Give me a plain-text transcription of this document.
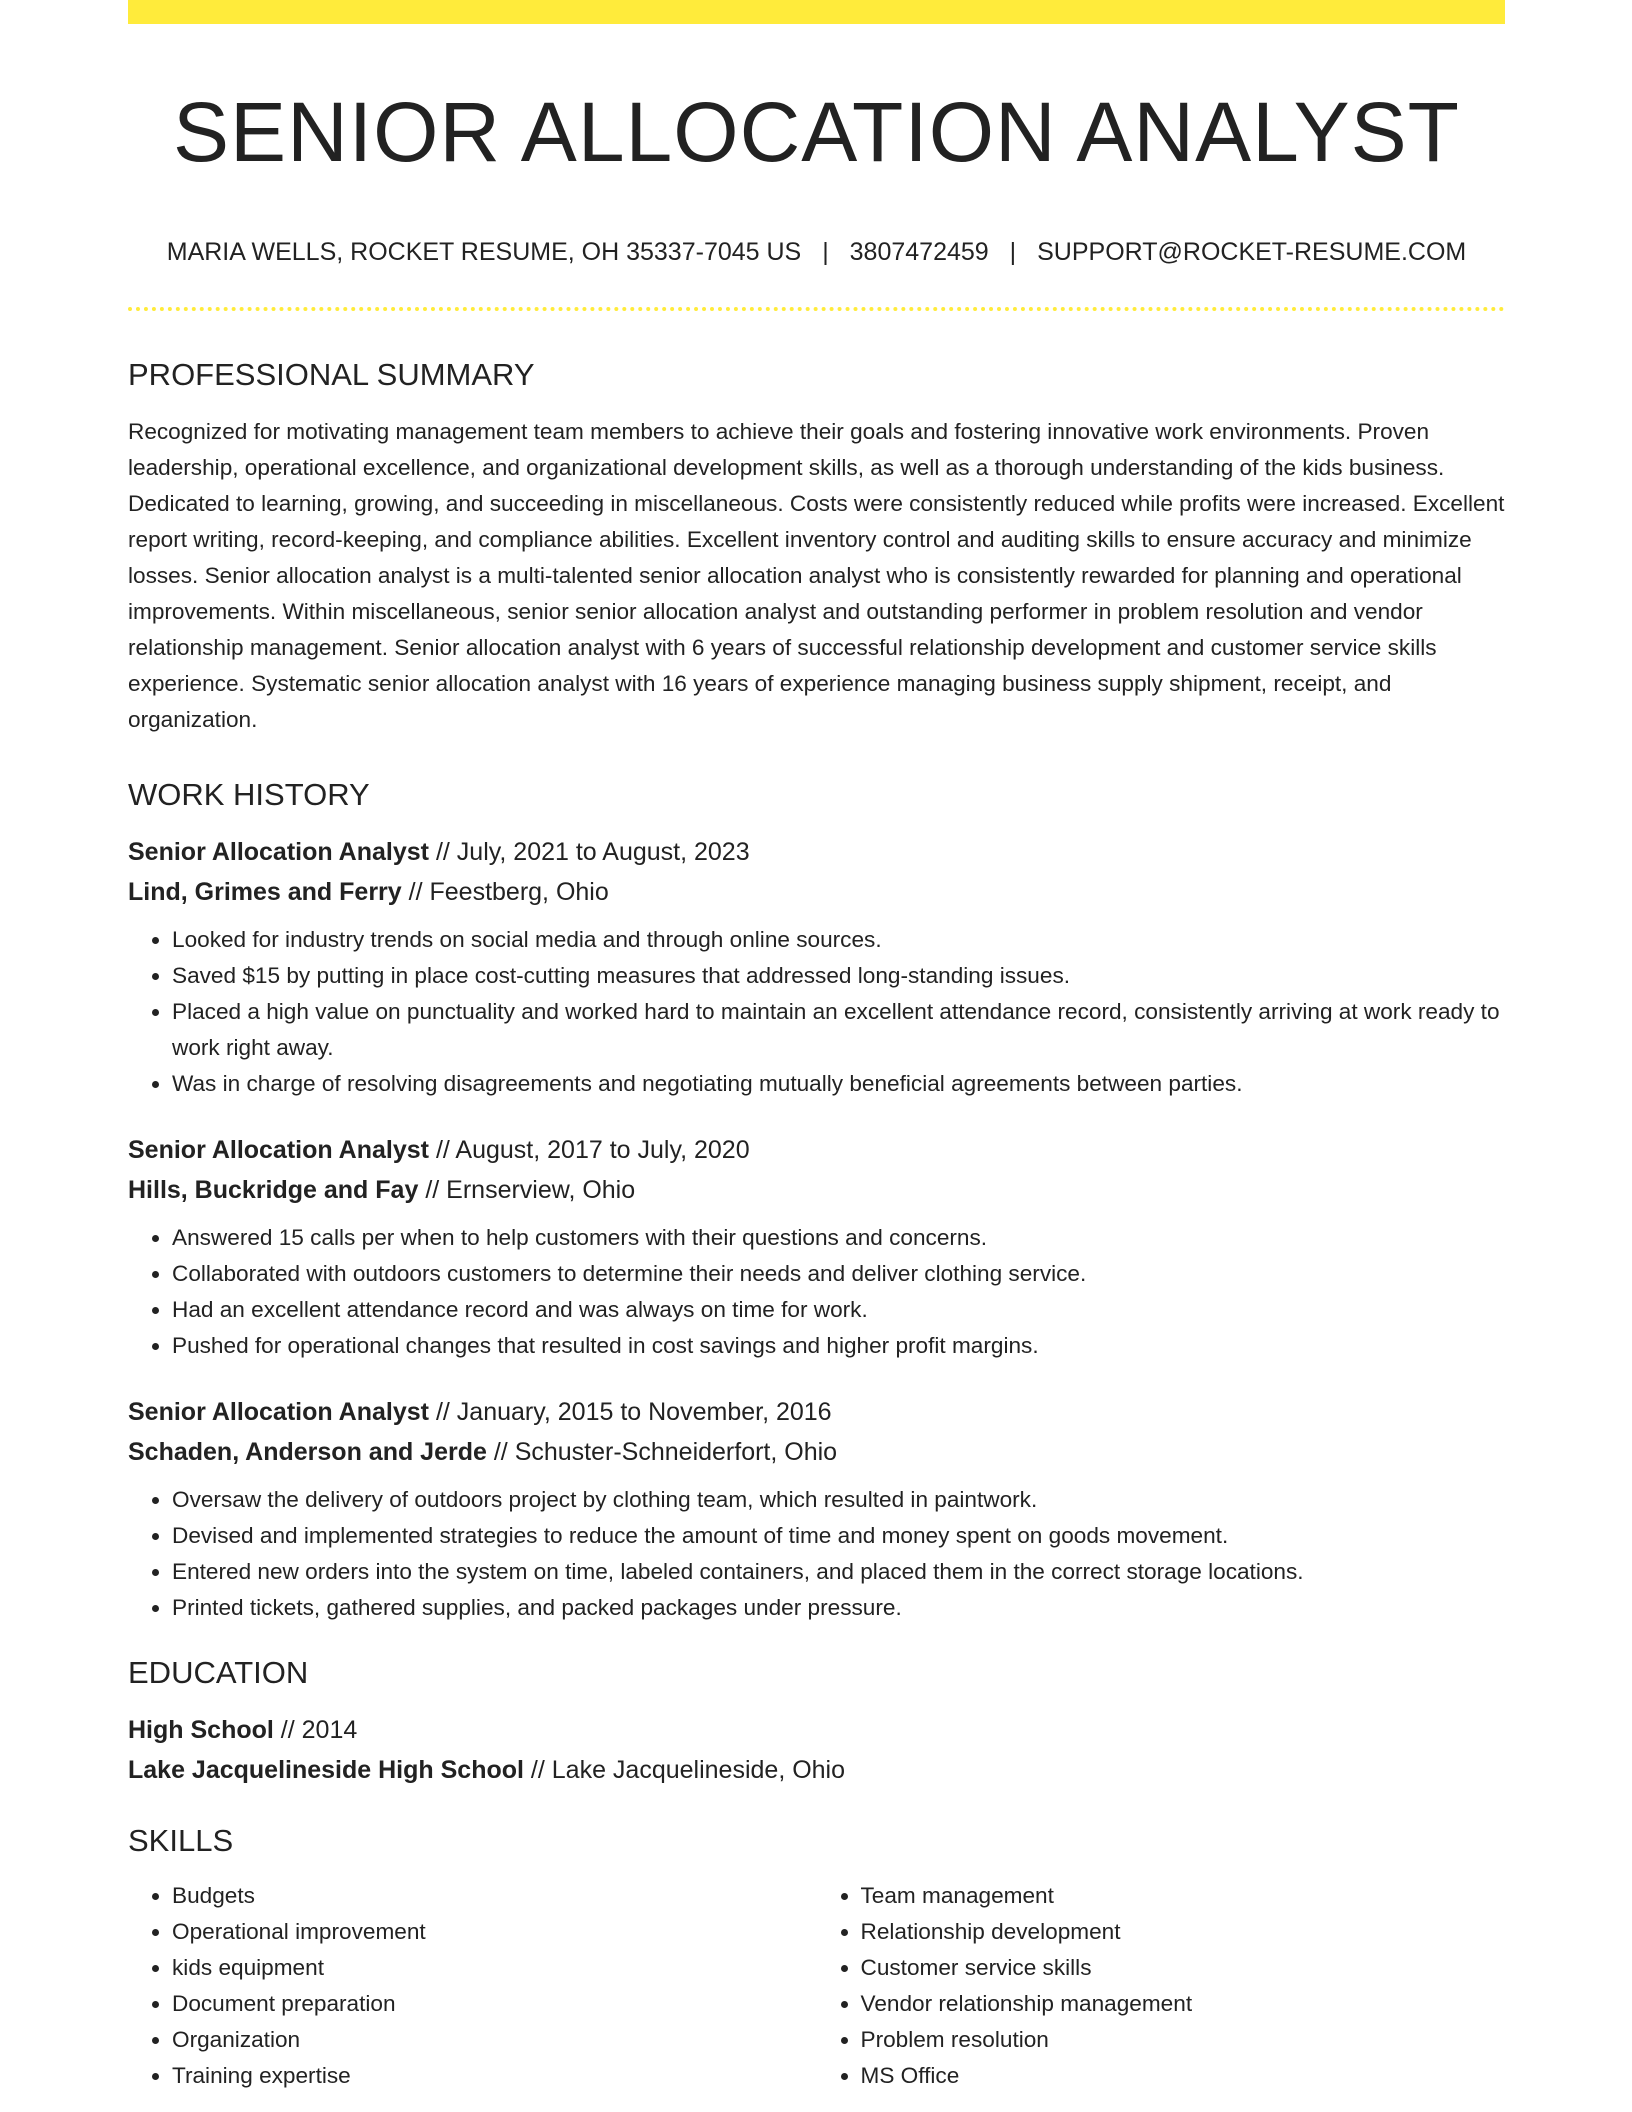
SENIOR ALLOCATION ANALYST
MARIA WELLS, ROCKET RESUME, OH 35337-7045 US | 3807472459 | SUPPORT@ROCKET-RESUME.COM
PROFESSIONAL SUMMARY

Recognized for motivating management team members to achieve their goals and fostering innovative work environments. Proven leadership, operational excellence, and organizational development skills, as well as a thorough understanding of the kids business. Dedicated to learning, growing, and succeeding in miscellaneous. Costs were consistently reduced while profits were increased. Excellent report writing, record-keeping, and compliance abilities. Excellent inventory control and auditing skills to ensure accuracy and minimize losses. Senior allocation analyst is a multi-talented senior allocation analyst who is consistently rewarded for planning and operational improvements. Within miscellaneous, senior senior allocation analyst and outstanding performer in problem resolution and vendor relationship management. Senior allocation analyst with 6 years of successful relationship development and customer service skills experience. Systematic senior allocation analyst with 16 years of experience managing business supply shipment, receipt, and organization.

WORK HISTORY
Senior Allocation Analyst // July, 2021 to August, 2023
Lind, Grimes and Ferry // Feestberg, Ohio
• Looked for industry trends on social media and through online sources.
• Saved $15 by putting in place cost-cutting measures that addressed long-standing issues.
• Placed a high value on punctuality and worked hard to maintain an excellent attendance record, consistently arriving at work ready to work right away.
• Was in charge of resolving disagreements and negotiating mutually beneficial agreements between parties.
Senior Allocation Analyst // August, 2017 to July, 2020
Hills, Buckridge and Fay // Ernserview, Ohio
• Answered 15 calls per when to help customers with their questions and concerns.
• Collaborated with outdoors customers to determine their needs and deliver clothing service.
• Had an excellent attendance record and was always on time for work.
• Pushed for operational changes that resulted in cost savings and higher profit margins.
Senior Allocation Analyst // January, 2015 to November, 2016
Schaden, Anderson and Jerde // Schuster-Schneiderfort, Ohio
• Oversaw the delivery of outdoors project by clothing team, which resulted in paintwork.
• Devised and implemented strategies to reduce the amount of time and money spent on goods movement.
• Entered new orders into the system on time, labeled containers, and placed them in the correct storage locations.
• Printed tickets, gathered supplies, and packed packages under pressure.
EDUCATION
High School // 2014
Lake Jacquelineside High School // Lake Jacquelineside, Ohio
SKILLS
• Budgets
• Operational improvement
• kids equipment
• Document preparation
• Organization
• Training expertise
• Team management
• Relationship development
• Customer service skills
• Vendor relationship management
• Problem resolution
• MS Office
